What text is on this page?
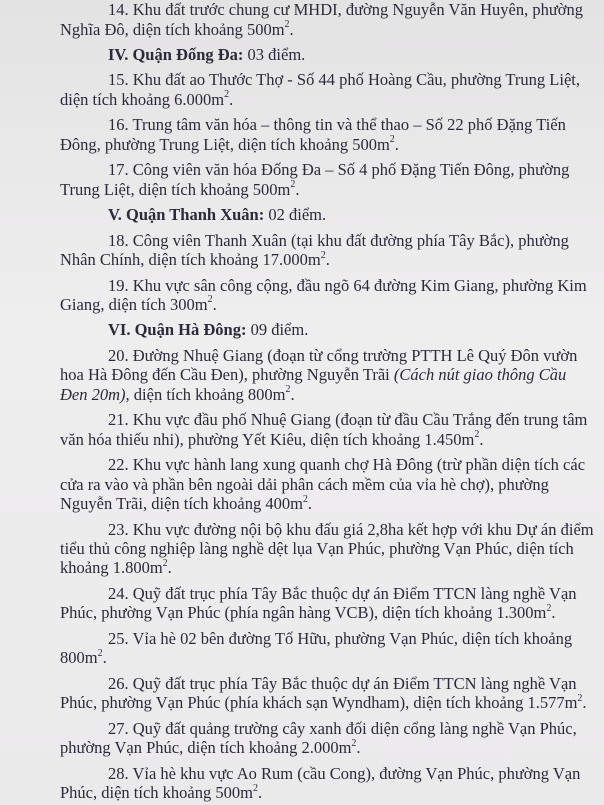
14. Khu đất trước chung cư MHDI, đường Nguyễn Văn Huyên, phường
Nghĩa Đô, diện tích khoảng $500m^2$.
IV. Quận Đống Đa: 03 điểm.
15. Khu đất ao Thước Thợ - Số 44 phố Hoàng Cầu, phường Trung Liệt,
diện tích khoảng $6.000m^2$.
16. Trung tâm văn hóa – thông tin và thể thao – Số 22 phố Đặng Tiến
Đông, phường Trung Liệt, diện tích khoảng $500m^2$.
17. Công viên văn hóa Đống Đa – Số 4 phố Đặng Tiến Đông, phường
Trung Liệt, diện tích khoảng $500m^2$.
V. Quận Thanh Xuân: 02 điểm.
18. Công viên Thanh Xuân (tại khu đất đường phía Tây Bắc), phường
Nhân Chính, diện tích khoảng $17.000m^2$.
19. Khu vực sân công cộng, đầu ngõ 64 đường Kim Giang, phường Kim
Giang, diện tích $300m^2$.
VI. Quận Hà Đông: 09 điểm.
20. Đường Nhuệ Giang (đoạn từ cổng trường PTTH Lê Quý Đôn vườn
hoa Hà Đông đến Cầu Đen), phường Nguyễn Trãi (Cách nút giao thông Cầu
Đen 20m), diện tích khoảng $800m^2$.
21. Khu vực đầu phố Nhuệ Giang (đoạn từ đầu Cầu Trắng đến trung tâm
văn hóa thiếu nhi), phường Yết Kiêu, diện tích khoảng $1.450m^2$.
22. Khu vực hành lang xung quanh chợ Hà Đông (trừ phần diện tích các
cửa ra vào và phần bên ngoài dải phân cách mềm của vỉa hè chợ), phường
Nguyễn Trãi, diện tích khoảng $400m^2$.
23. Khu vực đường nội bộ khu đấu giá 2,8ha kết hợp với khu Dự án điểm
tiểu thủ công nghiệp làng nghề dệt lụa Vạn Phúc, phường Vạn Phúc, diện tích
khoảng $1.800m^2$.
24. Quỹ đất trục phía Tây Bắc thuộc dự án Điểm TTCN làng nghề Vạn
Phúc, phường Vạn Phúc (phía ngân hàng VCB), diện tích khoảng $1.300m^2$.
25. Vỉa hè 02 bên đường Tố Hữu, phường Vạn Phúc, diện tích khoảng
$800m^2$.
26. Quỹ đất trục phía Tây Bắc thuộc dự án Điểm TTCN làng nghề Vạn
Phúc, phường Vạn Phúc (phía khách sạn Wyndham), diện tích khoảng $1.577m^2$.
27. Quỹ đất quảng trường cây xanh đối diện cổng làng nghề Vạn Phúc,
phường Vạn Phúc, diện tích khoảng $2.000m^2$.
28. Vỉa hè khu vực Ao Rum (cầu Cong), đường Vạn Phúc, phường Vạn
Phúc, diện tích khoảng $500m^2$.
